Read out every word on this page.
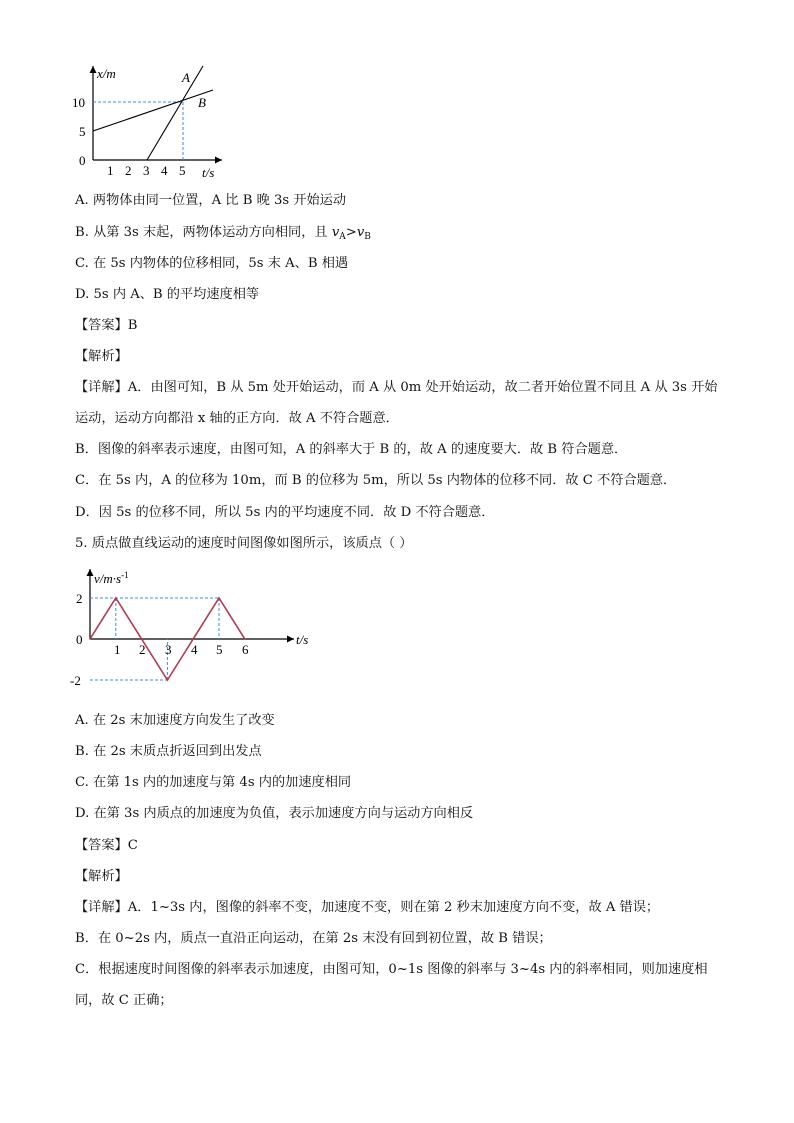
x/m	A
B
10
5
0
1 2 3 4 5 t/s
A. 两物体由同一位置，A 比 B 晚 3s 开始运动
B. 从第 3s 末起，两物体运动方向相同，且 $v_A>v_B$
C. 在 5s 内物体的位移相同，5s 末 A、B 相遇
D. 5s 内 A、B 的平均速度相等
【答案】B
【解析】
【详解】A．由图可知，B 从 5m 处开始运动，而 A 从 0m 处开始运动，故二者开始位置不同且 A 从 3s 开始
运动，运动方向都沿 x 轴的正方向．故 A 不符合题意．
B．图像的斜率表示速度，由图可知，A 的斜率大于 B 的，故 A 的速度要大．故 B 符合题意．
C．在 5s 内，A 的位移为 10m，而 B 的位移为 5m，所以 5s 内物体的位移不同．故 C 不符合题意．
D．因 5s 的位移不同，所以 5s 内的平均速度不同．故 D 不符合题意．
5. 质点做直线运动的速度时间图像如图所示，该质点（ ）
$v/m\cdot s^{-1}$
2
0
-2
1 2 3 4 5 6
t/s
A. 在 2s 末加速度方向发生了改变
B. 在 2s 末质点折返回到出发点
C. 在第 1s 内的加速度与第 4s 内的加速度相同
D. 在第 3s 内质点的加速度为负值，表示加速度方向与运动方向相反
【答案】C
【解析】
【详解】A．1~3s 内，图像的斜率不变，加速度不变，则在第 2 秒末加速度方向不变，故 A 错误；
B．在 0~2s 内，质点一直沿正向运动，在第 2s 末没有回到初位置，故 B 错误；
C．根据速度时间图像的斜率表示加速度，由图可知，0~1s 图像的斜率与 3~4s 内的斜率相同，则加速度相
同，故 C 正确；
